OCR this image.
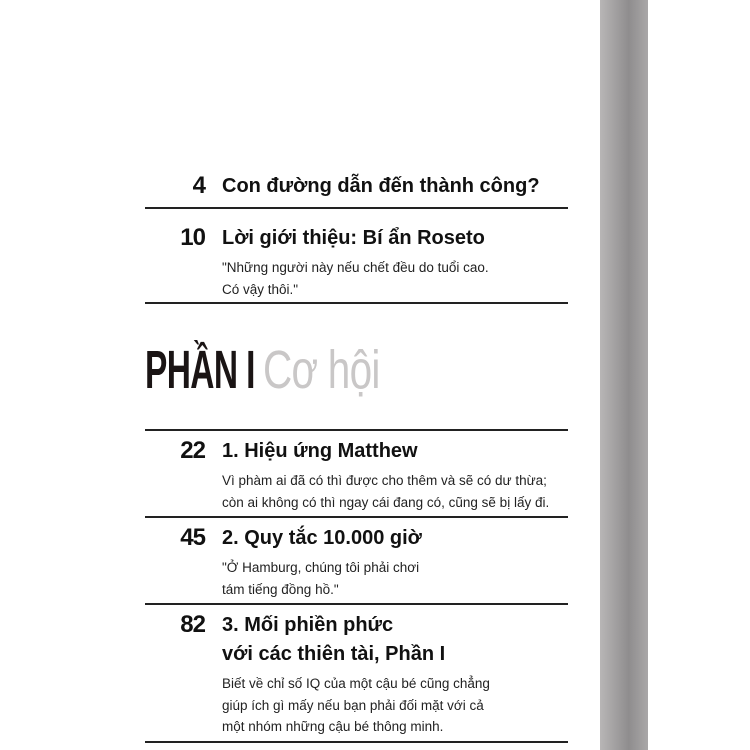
4 Con đường dẫn đến thành công?
10 Lời giới thiệu: Bí ẩn Roseto
"Những người này nếu chết đều do tuổi cao.
Có vậy thôi."
PHẦN I Cơ hội
22 1. Hiệu ứng Matthew
Vì phàm ai đã có thì được cho thêm và sẽ có dư thừa;
còn ai không có thì ngay cái đang có, cũng sẽ bị lấy đi.
45 2. Quy tắc 10.000 giờ
"Ở Hamburg, chúng tôi phải chơi
tám tiếng đồng hồ."
82 3. Mối phiền phức
với các thiên tài, Phần I
Biết về chỉ số IQ của một cậu bé cũng chẳng
giúp ích gì mấy nếu bạn phải đối mặt với cả
một nhóm những cậu bé thông minh.
